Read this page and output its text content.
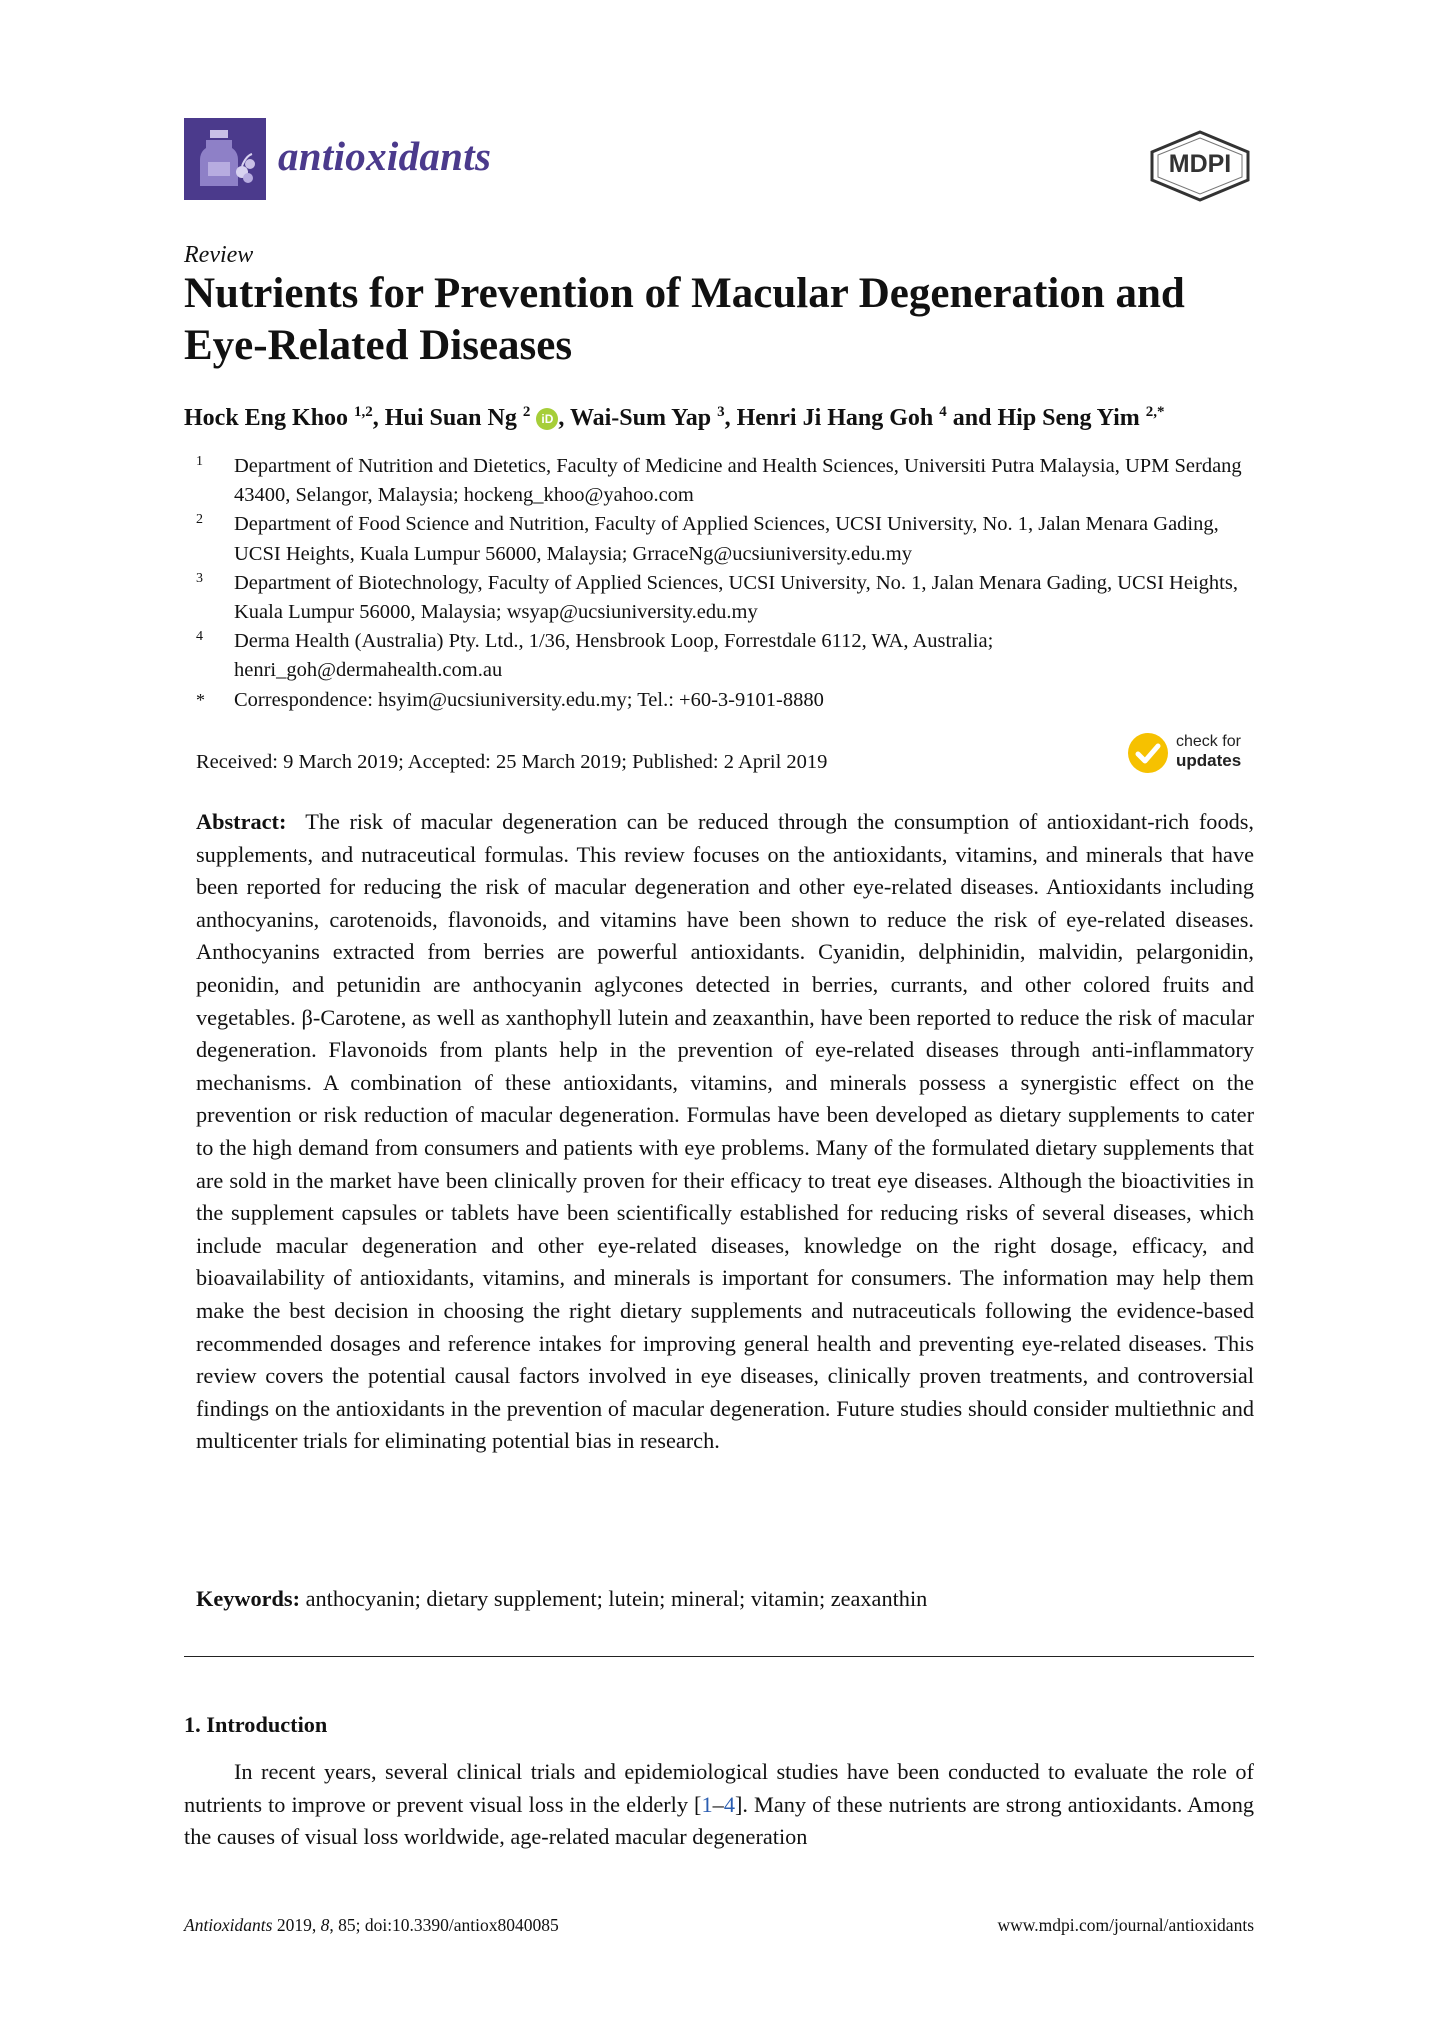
antioxidants	MDPI
Review
Nutrients for Prevention of Macular Degeneration and Eye-Related Diseases
Hock Eng Khoo $^{1,2}$, Hui Suan Ng $^2$ iD , Wai-Sum Yap $^3$, Henri Ji Hang Goh $^4$ and Hip Seng Yim $^{2,*}$
1 Department of Nutrition and Dietetics, Faculty of Medicine and Health Sciences, Universiti Putra Malaysia, UPM Serdang 43400, Selangor, Malaysia; hockeng_khoo@yahoo.com
2 Department of Food Science and Nutrition, Faculty of Applied Sciences, UCSI University, No. 1, Jalan Menara Gading, UCSI Heights, Kuala Lumpur 56000, Malaysia; GrraceNg@ucsiuniversity.edu.my
3 Department of Biotechnology, Faculty of Applied Sciences, UCSI University, No. 1, Jalan Menara Gading, UCSI Heights, Kuala Lumpur 56000, Malaysia; wsyap@ucsiuniversity.edu.my
4 Derma Health (Australia) Pty. Ltd., 1/36, Hensbrook Loop, Forrestdale 6112, WA, Australia; henri_goh@dermahealth.com.au
* Correspondence: hsyim@ucsiuniversity.edu.my; Tel.: +60-3-9101-8880
Received: 9 March 2019; Accepted: 25 March 2019; Published: 2 April 2019
check for
updates
Abstract: The risk of macular degeneration can be reduced through the consumption of antioxidant-rich foods, supplements, and nutraceutical formulas. This review focuses on the antioxidants, vitamins, and minerals that have been reported for reducing the risk of macular degeneration and other eye-related diseases. Antioxidants including anthocyanins, carotenoids, flavonoids, and vitamins have been shown to reduce the risk of eye-related diseases. Anthocyanins extracted from berries are powerful antioxidants. Cyanidin, delphinidin, malvidin, pelargonidin, peonidin, and petunidin are anthocyanin aglycones detected in berries, currants, and other colored fruits and vegetables. β-Carotene, as well as xanthophyll lutein and zeaxanthin, have been reported to reduce the risk of macular degeneration. Flavonoids from plants help in the prevention of eye-related diseases through anti-inflammatory mechanisms. A combination of these antioxidants, vitamins, and minerals possess a synergistic effect on the prevention or risk reduction of macular degeneration. Formulas have been developed as dietary supplements to cater to the high demand from consumers and patients with eye problems. Many of the formulated dietary supplements that are sold in the market have been clinically proven for their efficacy to treat eye diseases. Although the bioactivities in the supplement capsules or tablets have been scientifically established for reducing risks of several diseases, which include macular degeneration and other eye-related diseases, knowledge on the right dosage, efficacy, and bioavailability of antioxidants, vitamins, and minerals is important for consumers. The information may help them make the best decision in choosing the right dietary supplements and nutraceuticals following the evidence-based recommended dosages and reference intakes for improving general health and preventing eye-related diseases. This review covers the potential causal factors involved in eye diseases, clinically proven treatments, and controversial findings on the antioxidants in the prevention of macular degeneration. Future studies should consider multiethnic and multicenter trials for eliminating potential bias in research.
Keywords: anthocyanin; dietary supplement; lutein; mineral; vitamin; zeaxanthin
1. Introduction
In recent years, several clinical trials and epidemiological studies have been conducted to evaluate the role of nutrients to improve or prevent visual loss in the elderly [1–4]. Many of these nutrients are strong antioxidants. Among the causes of visual loss worldwide, age-related macular degeneration
Antioxidants 2019, 8, 85; doi:10.3390/antiox8040085	www.mdpi.com/journal/antioxidants
